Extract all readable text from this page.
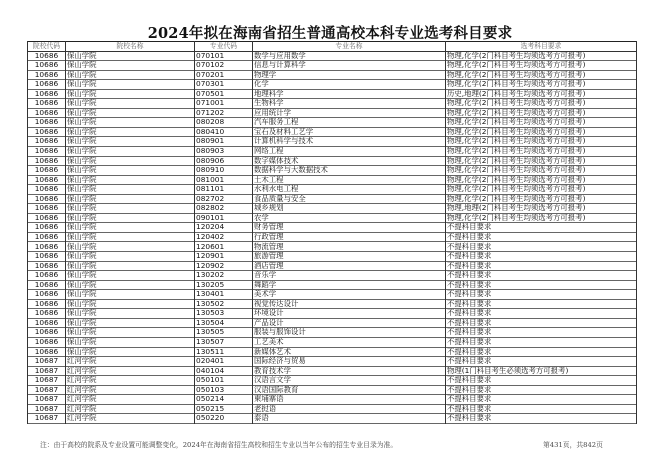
2024年拟在海南省招生普通高校本科专业选考科目要求
院校代码	院校名称	专业代码	专业名称	选考科目要求
10686	保山学院	070101	数学与应用数学	物理,化学(2门科目考生均须选考方可报考)
10686	保山学院	070102	信息与计算科学	物理,化学(2门科目考生均须选考方可报考)
10686	保山学院	070201	物理学	物理,化学(2门科目考生均须选考方可报考)
10686	保山学院	070301	化学	物理,化学(2门科目考生均须选考方可报考)
10686	保山学院	070501	地理科学	历史,地理(2门科目考生均须选考方可报考)
10686	保山学院	071001	生物科学	物理,化学(2门科目考生均须选考方可报考)
10686	保山学院	071202	应用统计学	物理,化学(2门科目考生均须选考方可报考)
10686	保山学院	080208	汽车服务工程	物理,化学(2门科目考生均须选考方可报考)
10686	保山学院	080410	宝石及材料工艺学	物理,化学(2门科目考生均须选考方可报考)
10686	保山学院	080901	计算机科学与技术	物理,化学(2门科目考生均须选考方可报考)
10686	保山学院	080903	网络工程	物理,化学(2门科目考生均须选考方可报考)
10686	保山学院	080906	数字媒体技术	物理,化学(2门科目考生均须选考方可报考)
10686	保山学院	080910	数据科学与大数据技术	物理,化学(2门科目考生均须选考方可报考)
10686	保山学院	081001	土木工程	物理,化学(2门科目考生均须选考方可报考)
10686	保山学院	081101	水利水电工程	物理,化学(2门科目考生均须选考方可报考)
10686	保山学院	082702	食品质量与安全	物理,化学(2门科目考生均须选考方可报考)
10686	保山学院	082802	城乡规划	物理,地理(2门科目考生均须选考方可报考)
10686	保山学院	090101	农学	物理,化学(2门科目考生均须选考方可报考)
10686	保山学院	120204	财务管理	不提科目要求
10686	保山学院	120402	行政管理	不提科目要求
10686	保山学院	120601	物流管理	不提科目要求
10686	保山学院	120901	旅游管理	不提科目要求
10686	保山学院	120902	酒店管理	不提科目要求
10686	保山学院	130202	音乐学	不提科目要求
10686	保山学院	130205	舞蹈学	不提科目要求
10686	保山学院	130401	美术学	不提科目要求
10686	保山学院	130502	视觉传达设计	不提科目要求
10686	保山学院	130503	环境设计	不提科目要求
10686	保山学院	130504	产品设计	不提科目要求
10686	保山学院	130505	服装与服饰设计	不提科目要求
10686	保山学院	130507	工艺美术	不提科目要求
10686	保山学院	130511	新媒体艺术	不提科目要求
10687	红河学院	020401	国际经济与贸易	不提科目要求
10687	红河学院	040104	教育技术学	物理(1门科目考生必须选考方可报考)
10687	红河学院	050101	汉语言文学	不提科目要求
10687	红河学院	050103	汉语国际教育	不提科目要求
10687	红河学院	050214	柬埔寨语	不提科目要求
10687	红河学院	050215	老挝语	不提科目要求
10687	红河学院	050220	泰语	不提科目要求
注：由于高校的院系及专业设置可能调整变化，2024年在海南省招生高校和招生专业以当年公布的招生专业目录为准。	第431页，共842页
